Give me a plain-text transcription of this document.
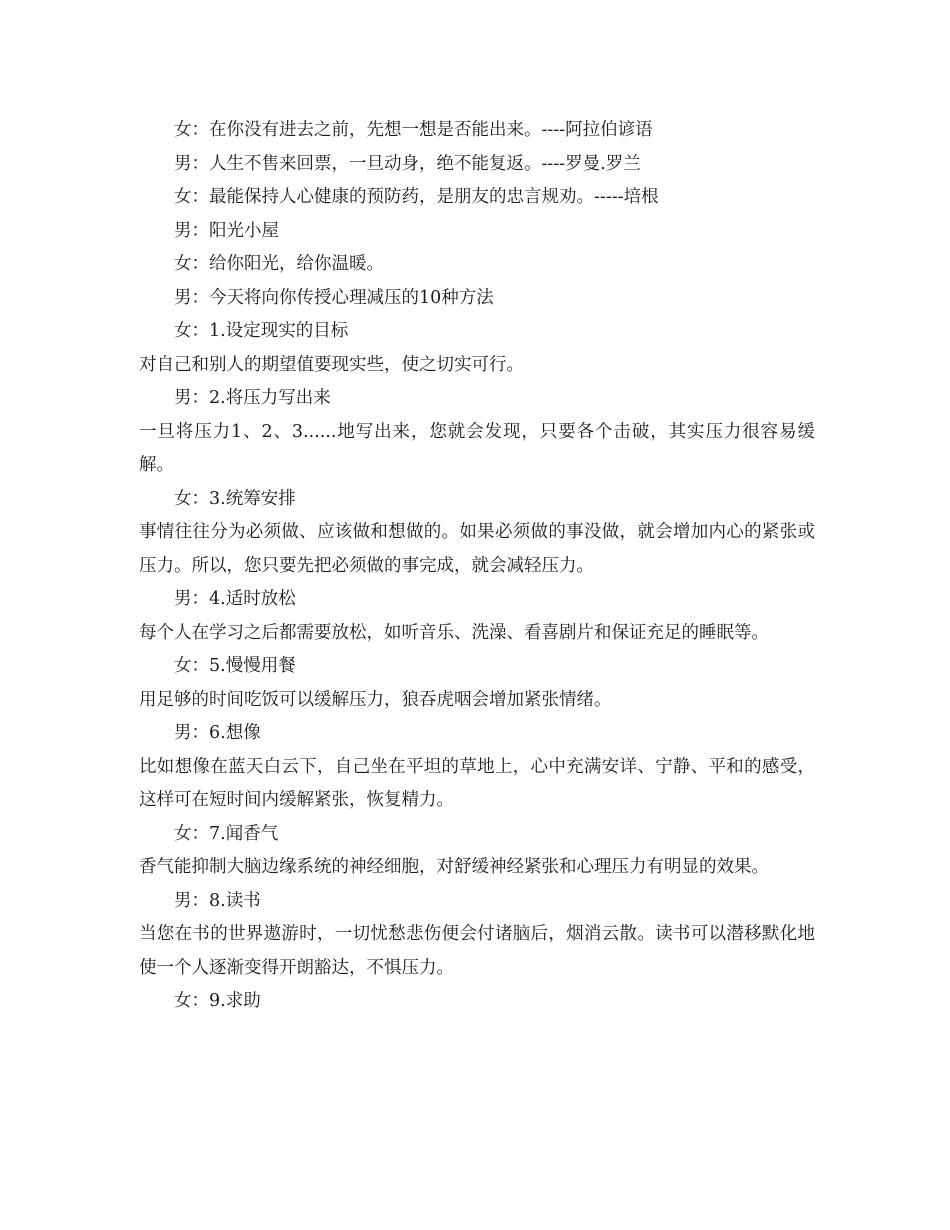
女：在你没有进去之前，先想一想是否能出来。----阿拉伯谚语

男：人生不售来回票，一旦动身，绝不能复返。----罗曼.罗兰

女：最能保持人心健康的预防药，是朋友的忠言规劝。-----培根

男：阳光小屋

女：给你阳光，给你温暖。

男：今天将向你传授心理减压的10种方法

女：1.设定现实的目标

对自己和别人的期望值要现实些，使之切实可行。

男：2.将压力写出来

一旦将压力1、2、3......地写出来，您就会发现，只要各个击破，其实压力很容易缓解。

女：3.统筹安排

事情往往分为必须做、应该做和想做的。如果必须做的事没做，就会增加内心的紧张或压力。所以，您只要先把必须做的事完成，就会减轻压力。

男：4.适时放松

每个人在学习之后都需要放松，如听音乐、洗澡、看喜剧片和保证充足的睡眠等。

女：5.慢慢用餐

用足够的时间吃饭可以缓解压力，狼吞虎咽会增加紧张情绪。

男：6.想像

比如想像在蓝天白云下，自己坐在平坦的草地上，心中充满安详、宁静、平和的感受，这样可在短时间内缓解紧张，恢复精力。

女：7.闻香气

香气能抑制大脑边缘系统的神经细胞，对舒缓神经紧张和心理压力有明显的效果。

男：8.读书

当您在书的世界遨游时，一切忧愁悲伤便会付诸脑后，烟消云散。读书可以潜移默化地使一个人逐渐变得开朗豁达，不惧压力。

女：9.求助
